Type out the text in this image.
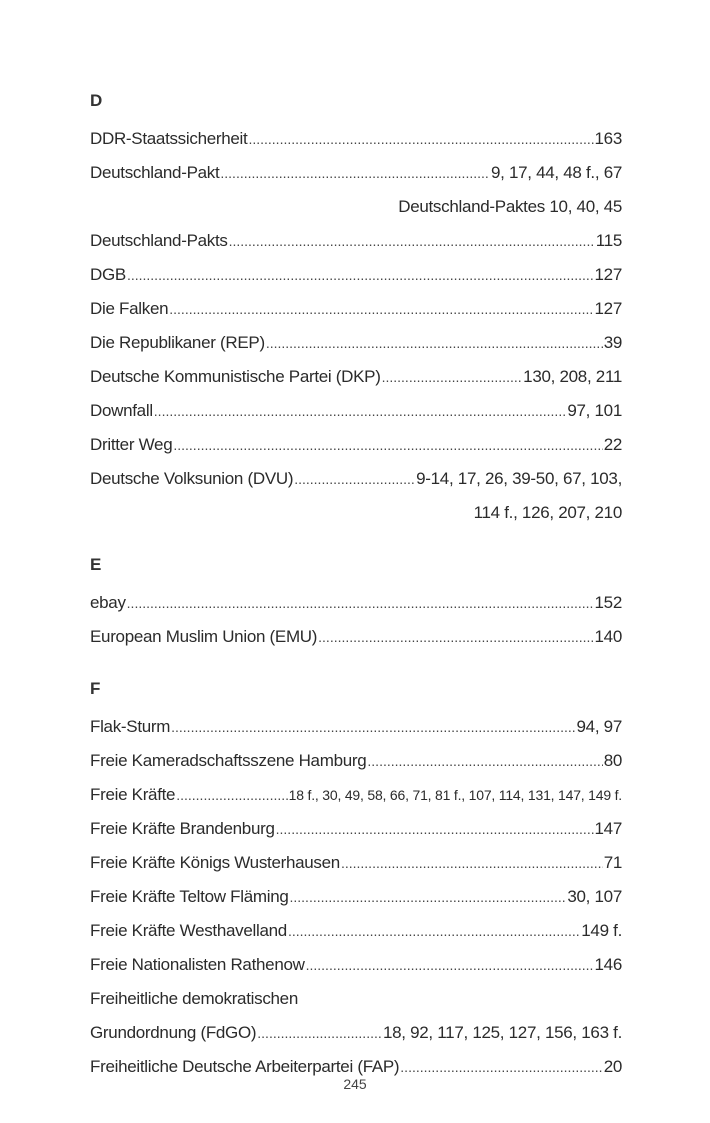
D
DDR-Staatssicherheit .....	163
Deutschland-Pakt .....	9, 17, 44, 48 f., 67
Deutschland-Paktes 10, 40, 45
Deutschland-Pakts .....	115
DGB .....	127
Die Falken .....	127
Die Republikaner (REP) .....	39
Deutsche Kommunistische Partei (DKP) .....	130, 208, 211
Downfall .....	97, 101
Dritter Weg .....	22
Deutsche Volksunion (DVU) .....	9-14, 17, 26, 39-50, 67, 103,
114 f., 126, 207, 210
E
ebay .....	152
European Muslim Union (EMU) .....	140
F
Flak-Sturm .....	94, 97
Freie Kameradschaftsszene Hamburg .....	80
Freie Kräfte .....	18 f., 30, 49, 58, 66, 71, 81 f., 107, 114, 131, 147, 149 f.
Freie Kräfte Brandenburg .....	147
Freie Kräfte Königs Wusterhausen .....	71
Freie Kräfte Teltow Fläming .....	30, 107
Freie Kräfte Westhavelland .....	149 f.
Freie Nationalisten Rathenow .....	146
Freiheitliche demokratischen
Grundordnung (FdGO) .....	18, 92, 117, 125, 127, 156, 163 f.
Freiheitliche Deutsche Arbeiterpartei (FAP) .....	20
245
